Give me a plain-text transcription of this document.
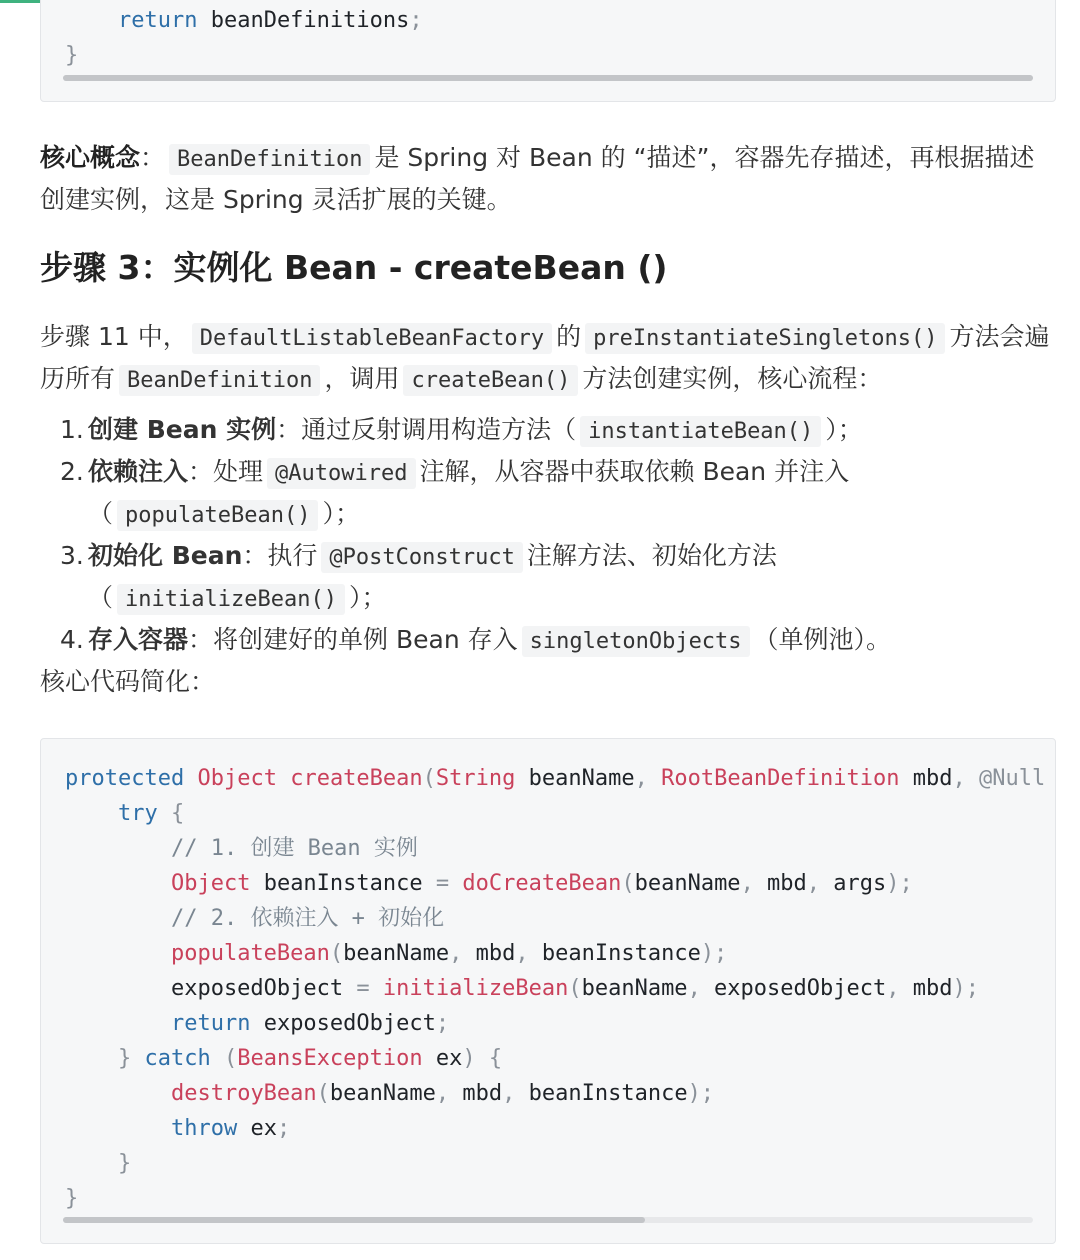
return beanDefinitions;
}
核心概念： BeanDefinition 是 Spring 对 Bean 的 “描述”，容器先存描述，再根据描述创建实例，这是 Spring 灵活扩展的关键。
步骤 3：实例化 Bean - createBean ()
步骤 11 中， DefaultListableBeanFactory 的 preInstantiateSingletons() 方法会遍历所有 BeanDefinition ，调用 createBean() 方法创建实例，核心流程：
1. 创建 Bean 实例：通过反射调用构造方法（ instantiateBean() ）；
2. 依赖注入：处理 @Autowired 注解，从容器中获取依赖 Bean 并注入（ populateBean() ）；
3. 初始化 Bean：执行 @PostConstruct 注解方法、初始化方法（ initializeBean() ）；
4. 存入容器：将创建好的单例 Bean 存入 singletonObjects （单例池）。
核心代码简化：
protected Object createBean(String beanName, RootBeanDefinition mbd, @Null
try {
// 1. 创建 Bean 实例
Object beanInstance = doCreateBean(beanName, mbd, args);
// 2. 依赖注入 + 初始化
populateBean(beanName, mbd, beanInstance);
exposedObject = initializeBean(beanName, exposedObject, mbd);
return exposedObject;
} catch (BeansException ex) {
destroyBean(beanName, mbd, beanInstance);
throw ex;
}
}
